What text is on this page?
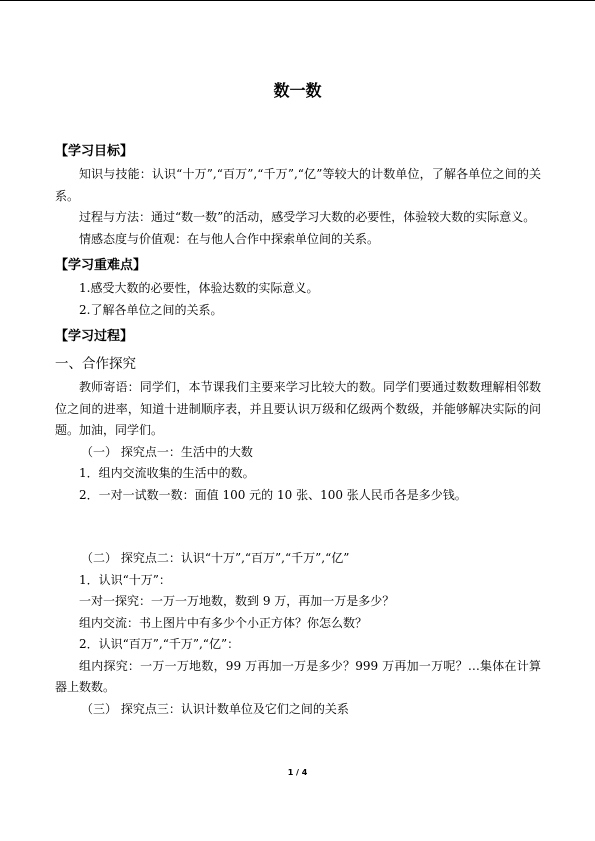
数一数
【学习目标】
知识与技能：认识“十万”,“百万”,“千万”,“亿”等较大的计数单位，了解各单位之间的关系。
过程与方法：通过“数一数”的活动，感受学习大数的必要性，体验较大数的实际意义。
情感态度与价值观：在与他人合作中探索单位间的关系。
【学习重难点】
1.感受大数的必要性，体验达数的实际意义。
2.了解各单位之间的关系。
【学习过程】
一、合作探究
教师寄语：同学们，本节课我们主要来学习比较大的数。同学们要通过数数理解相邻数位之间的进率，知道十进制顺序表，并且要认识万级和亿级两个数级，并能够解决实际的问题。加油，同学们。
（一） 探究点一：生活中的大数
1．组内交流收集的生活中的数。
2．一对一试数一数：面值 100 元的 10 张、100 张人民币各是多少钱。
（二） 探究点二：认识“十万”,“百万”,“千万”,“亿”
1．认识“十万”：
一对一探究：一万一万地数，数到 9 万，再加一万是多少？
组内交流：书上图片中有多少个小正方体？你怎么数？
2．认识“百万”,“千万”,“亿”：
组内探究：一万一万地数，99 万再加一万是多少？999 万再加一万呢？…集体在计算器上数数。
（三） 探究点三：认识计数单位及它们之间的关系
1 / 4
